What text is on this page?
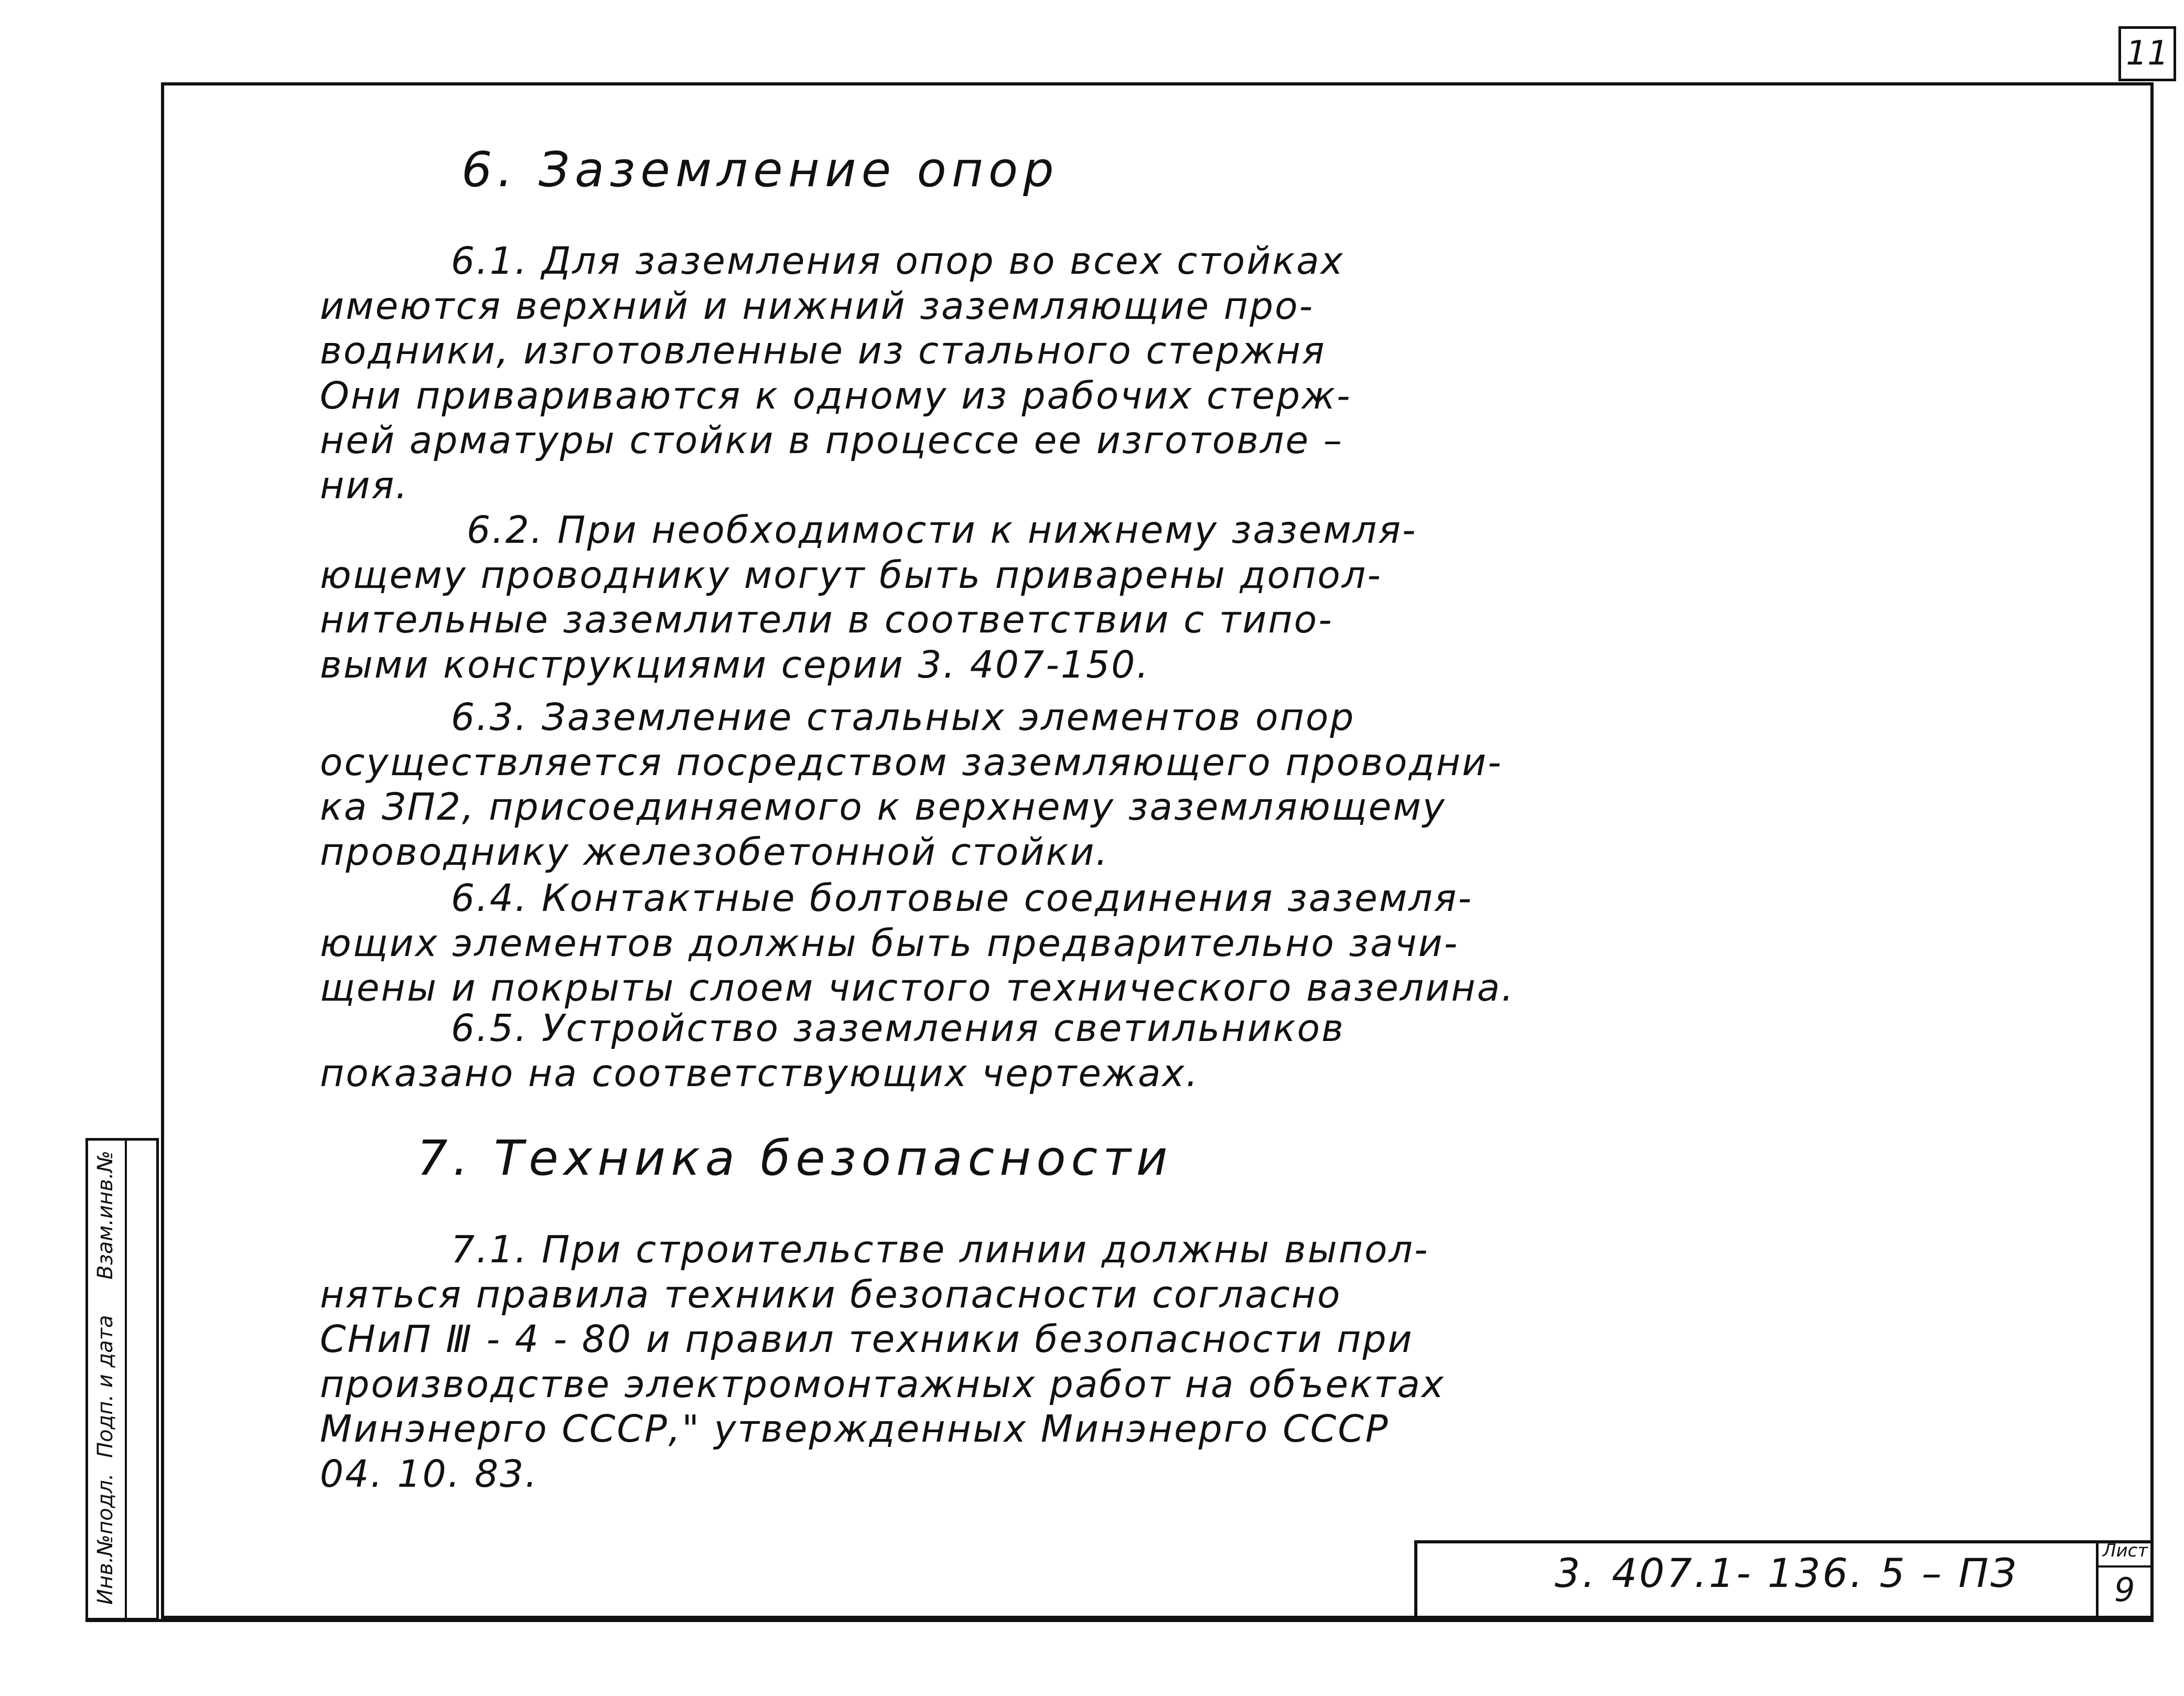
11
6. Заземление опор
6.1. Для заземления опор во всех стойках
имеются верхний и нижний заземляющие про-
водники, изготовленные из стального стержня
Они привариваются к одному из рабочих стерж-
ней арматуры стойки в процессе ее изготовле –
ния.
6.2. При необходимости к нижнему заземля-
ющему проводнику могут быть приварены допол-
нительные заземлители в соответствии с типо-
выми конструкциями серии 3. 407-150.
6.3. Заземление стальных элементов опор
осуществляется посредством заземляющего проводни-
ка ЗП2, присоединяемого к верхнему заземляющему
проводнику железобетонной стойки.
6.4. Контактные болтовые соединения заземля-
ющих элементов должны быть предварительно зачи-
щены и покрыты слоем чистого технического вазелина.
6.5. Устройство заземления светильников
показано на соответствующих чертежах.
7. Техника безопасности
7.1. При строительстве линии должны выпол-
няться правила техники безопасности согласно
СНиП Ⅲ - 4 - 80 и правил техники безопасности при
производстве электромонтажных работ на объектах
Минэнерго СССР," утвержденных Минэнерго СССР
04. 10. 83.
Взам.инв.№
Подп. и дата
Инв.№подл.	3. 407.1- 136. 5 – ПЗ	Лист
9
